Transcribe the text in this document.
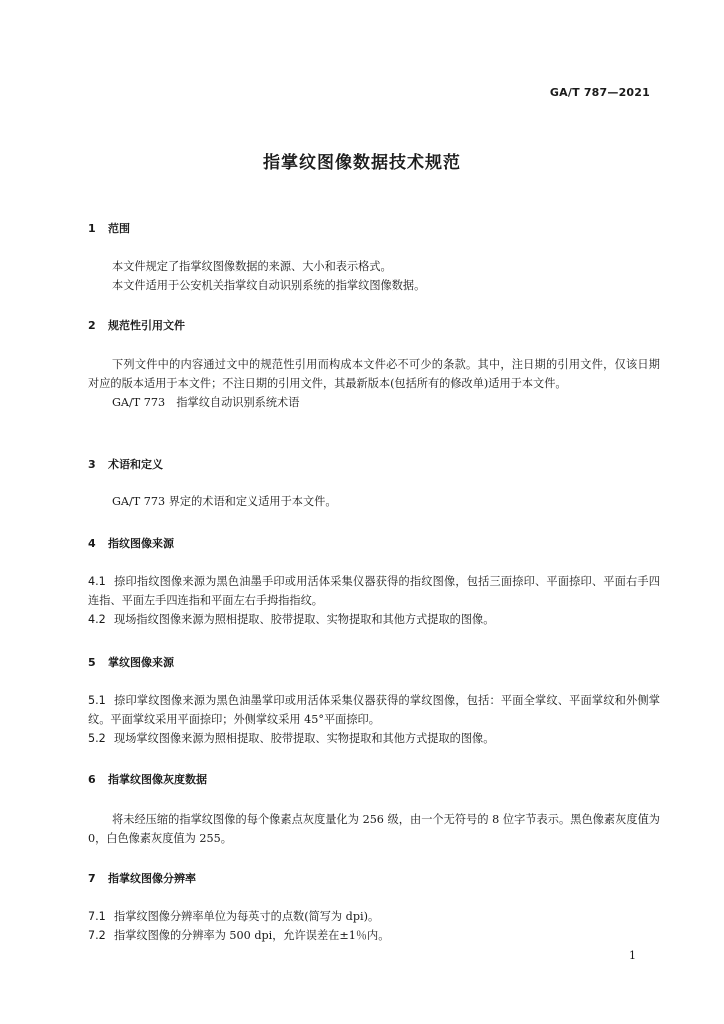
GA/T 787—2021
指掌纹图像数据技术规范
1 范围

本文件规定了指掌纹图像数据的来源、大小和表示格式。

本文件适用于公安机关指掌纹自动识别系统的指掌纹图像数据。

2 规范性引用文件

下列文件中的内容通过文中的规范性引用而构成本文件必不可少的条款。其中，注日期的引用文件，仅该日期对应的版本适用于本文件；不注日期的引用文件，其最新版本(包括所有的修改单)适用于本文件。

GA/T 773　指掌纹自动识别系统术语

3 术语和定义

GA/T 773 界定的术语和定义适用于本文件。

4 指纹图像来源

4.1 捺印指纹图像来源为黑色油墨手印或用活体采集仪器获得的指纹图像，包括三面捺印、平面捺印、平面右手四连指、平面左手四连指和平面左右手拇指指纹。

4.2 现场指纹图像来源为照相提取、胶带提取、实物提取和其他方式提取的图像。

5 掌纹图像来源

5.1 捺印掌纹图像来源为黑色油墨掌印或用活体采集仪器获得的掌纹图像，包括：平面全掌纹、平面掌纹和外侧掌纹。平面掌纹采用平面捺印；外侧掌纹采用 45°平面捺印。

5.2 现场掌纹图像来源为照相提取、胶带提取、实物提取和其他方式提取的图像。

6 指掌纹图像灰度数据

将未经压缩的指掌纹图像的每个像素点灰度量化为 256 级，由一个无符号的 8 位字节表示。黑色像素灰度值为 0，白色像素灰度值为 255。

7 指掌纹图像分辨率

7.1 指掌纹图像分辨率单位为每英寸的点数(简写为 dpi)。

7.2 指掌纹图像的分辨率为 500 dpi，允许误差在±1％内。

1
